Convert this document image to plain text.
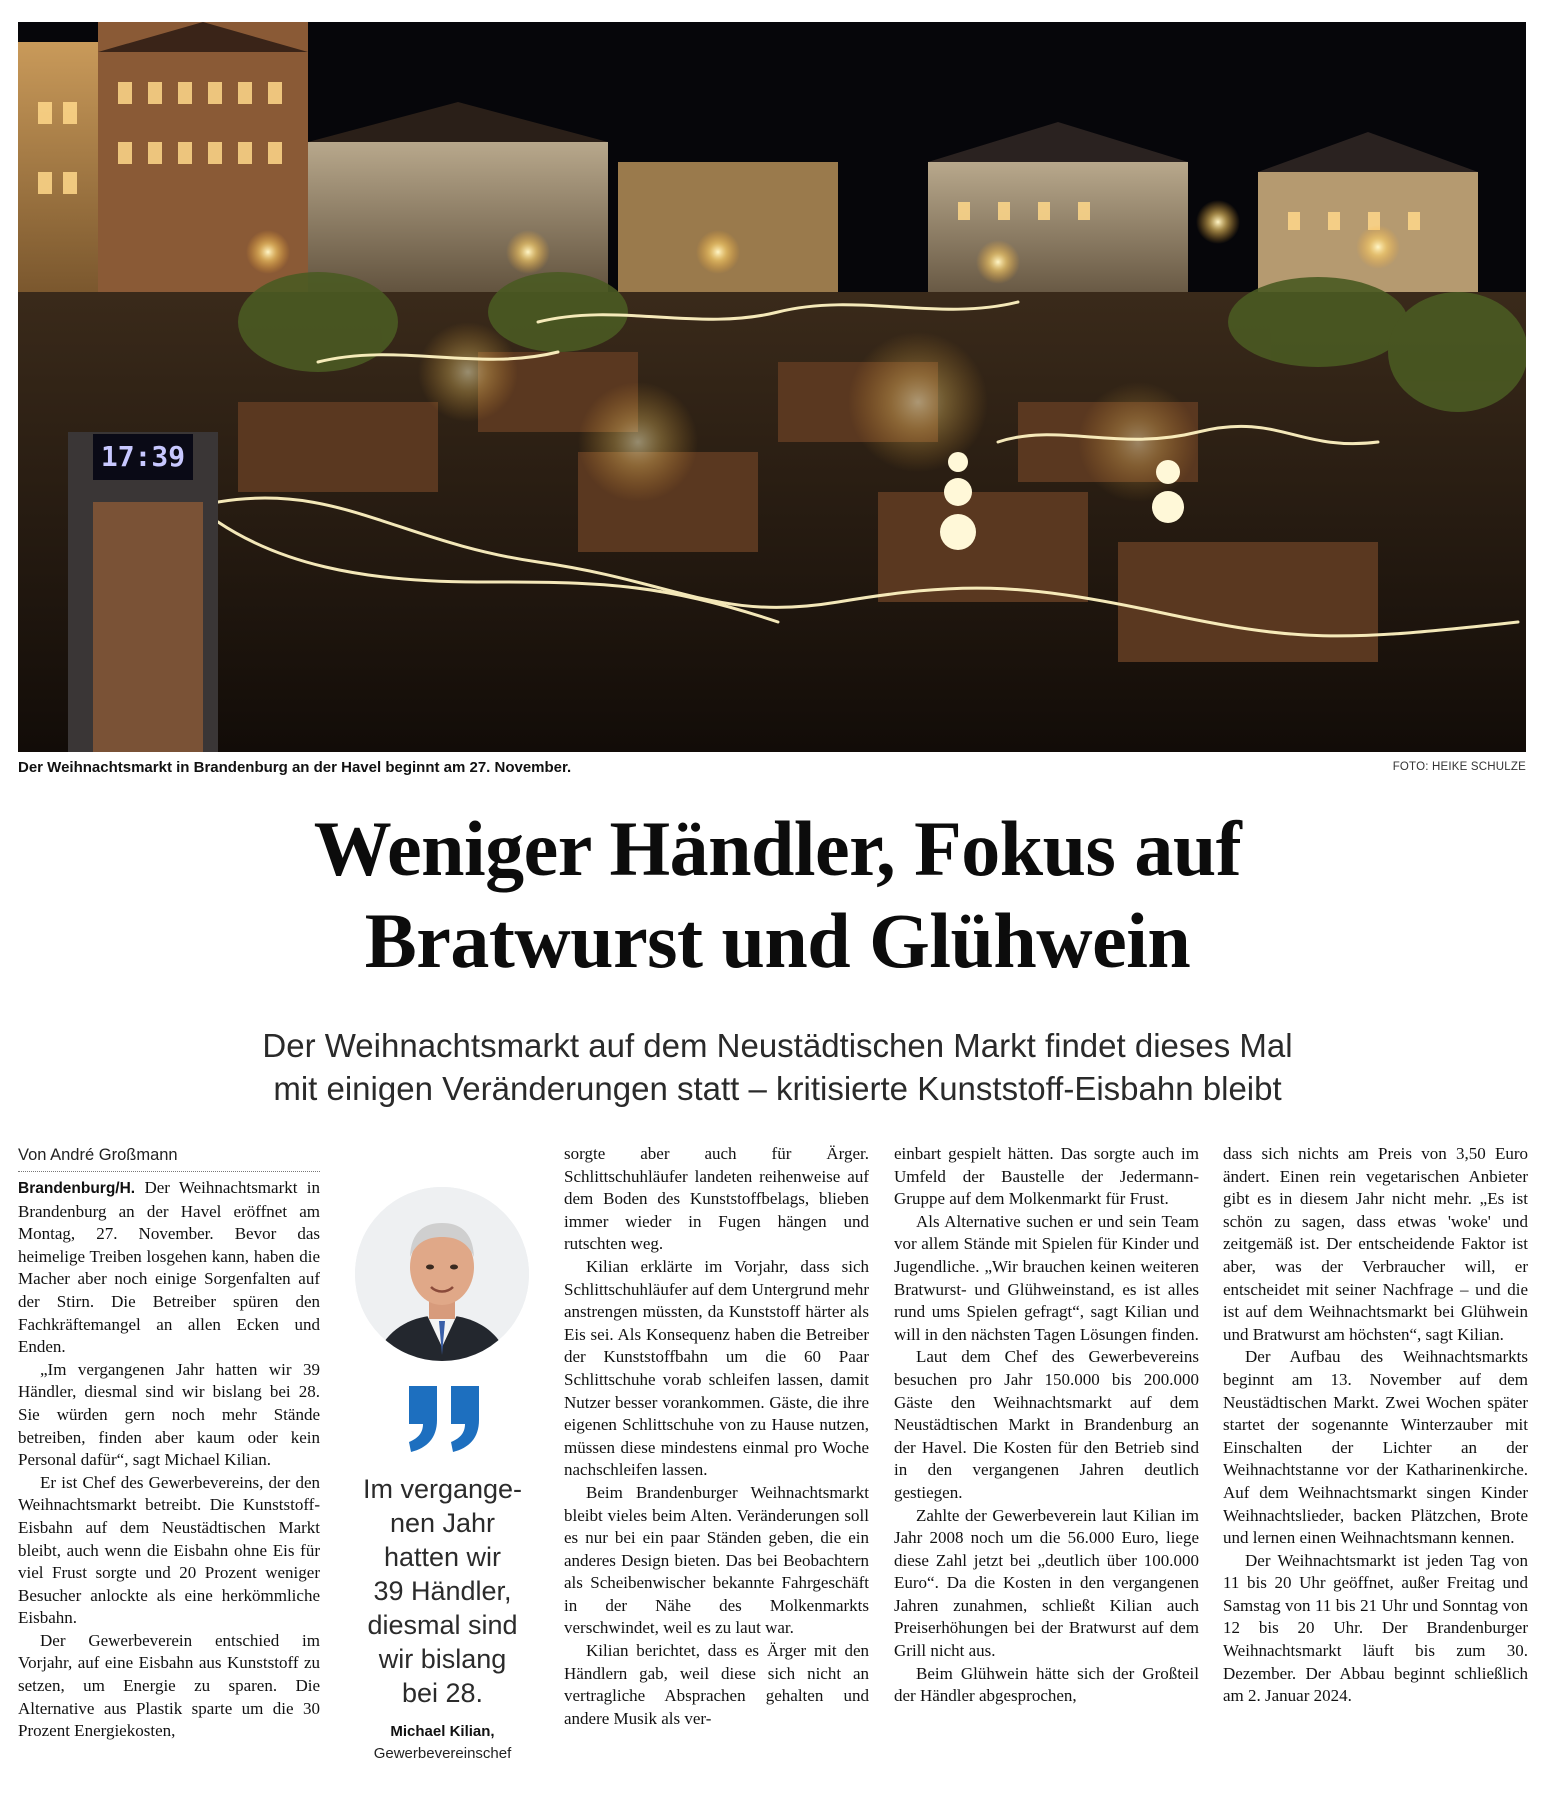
17:39
Der Weihnachtsmarkt in Brandenburg an der Havel beginnt am 27. November.	FOTO: HEIKE SCHULZE
Weniger Händler, Fokus auf
Bratwurst und Glühwein
Der Weihnachtsmarkt auf dem Neustädtischen Markt findet dieses Mal
mit einigen Veränderungen statt – kritisierte Kunststoff-Eisbahn bleibt
Von André Großmann

Brandenburg/H. Der Weihnachtsmarkt in Brandenburg an der Havel eröffnet am Montag, 27. November. Bevor das heimelige Treiben losgehen kann, haben die Macher aber noch einige Sorgenfalten auf der Stirn. Die Betreiber spüren den Fachkräftemangel an allen Ecken und Enden.

„Im vergangenen Jahr hatten wir 39 Händler, diesmal sind wir bislang bei 28. Sie würden gern noch mehr Stände betreiben, finden aber kaum oder kein Personal dafür“, sagt Michael Kilian.

Er ist Chef des Gewerbevereins, der den Weihnachtsmarkt betreibt. Die Kunststoff-Eisbahn auf dem Neustädtischen Markt bleibt, auch wenn die Eisbahn ohne Eis für viel Frust sorgte und 20 Prozent weniger Besucher anlockte als eine herkömmliche Eisbahn.

Der Gewerbeverein entschied im Vorjahr, auf eine Eisbahn aus Kunststoff zu setzen, um Energie zu sparen. Die Alternative aus Plastik sparte um die 30 Prozent Energiekosten,

Im vergange-
nen Jahr
hatten wir
39 Händler,
diesmal sind
wir bislang
bei 28.
Michael Kilian,
Gewerbevereinschef

sorgte aber auch für Ärger. Schlittschuhläufer landeten reihenweise auf dem Boden des Kunststoffbelags, blieben immer wieder in Fugen hängen und rutschten weg.

Kilian erklärte im Vorjahr, dass sich Schlittschuhläufer auf dem Untergrund mehr anstrengen müssten, da Kunststoff härter als Eis sei. Als Konsequenz haben die Betreiber der Kunststoffbahn um die 60 Paar Schlittschuhe vorab schleifen lassen, damit Nutzer besser vorankommen. Gäste, die ihre eigenen Schlittschuhe von zu Hause nutzen, müssen diese mindestens einmal pro Woche nachschleifen lassen.

Beim Brandenburger Weihnachtsmarkt bleibt vieles beim Alten. Veränderungen soll es nur bei ein paar Ständen geben, die ein anderes Design bieten. Das bei Beobachtern als Scheibenwischer bekannte Fahrgeschäft in der Nähe des Molkenmarkts verschwindet, weil es zu laut war.

Kilian berichtet, dass es Ärger mit den Händlern gab, weil diese sich nicht an vertragliche Absprachen gehalten und andere Musik als ver-

einbart gespielt hätten. Das sorgte auch im Umfeld der Baustelle der Jedermann-Gruppe auf dem Molkenmarkt für Frust.

Als Alternative suchen er und sein Team vor allem Stände mit Spielen für Kinder und Jugendliche. „Wir brauchen keinen weiteren Bratwurst- und Glühweinstand, es ist alles rund ums Spielen gefragt“, sagt Kilian und will in den nächsten Tagen Lösungen finden.

Laut dem Chef des Gewerbevereins besuchen pro Jahr 150.000 bis 200.000 Gäste den Weihnachtsmarkt auf dem Neustädtischen Markt in Brandenburg an der Havel. Die Kosten für den Betrieb sind in den vergangenen Jahren deutlich gestiegen.

Zahlte der Gewerbeverein laut Kilian im Jahr 2008 noch um die 56.000 Euro, liege diese Zahl jetzt bei „deutlich über 100.000 Euro“. Da die Kosten in den vergangenen Jahren zunahmen, schließt Kilian auch Preiserhöhungen bei der Bratwurst auf dem Grill nicht aus.

Beim Glühwein hätte sich der Großteil der Händler abgesprochen,

dass sich nichts am Preis von 3,50 Euro ändert. Einen rein vegetarischen Anbieter gibt es in diesem Jahr nicht mehr. „Es ist schön zu sagen, dass etwas 'woke' und zeitgemäß ist. Der entscheidende Faktor ist aber, was der Verbraucher will, er entscheidet mit seiner Nachfrage – und die ist auf dem Weihnachtsmarkt bei Glühwein und Bratwurst am höchsten“, sagt Kilian.

Der Aufbau des Weihnachtsmarkts beginnt am 13. November auf dem Neustädtischen Markt. Zwei Wochen später startet der sogenannte Winterzauber mit Einschalten der Lichter an der Weihnachtstanne vor der Katharinenkirche. Auf dem Weihnachtsmarkt singen Kinder Weihnachtslieder, backen Plätzchen, Brote und lernen einen Weihnachtsmann kennen.

Der Weihnachtsmarkt ist jeden Tag von 11 bis 20 Uhr geöffnet, außer Freitag und Samstag von 11 bis 21 Uhr und Sonntag von 12 bis 20 Uhr. Der Brandenburger Weihnachtsmarkt läuft bis zum 30. Dezember. Der Abbau beginnt schließlich am 2. Januar 2024.
